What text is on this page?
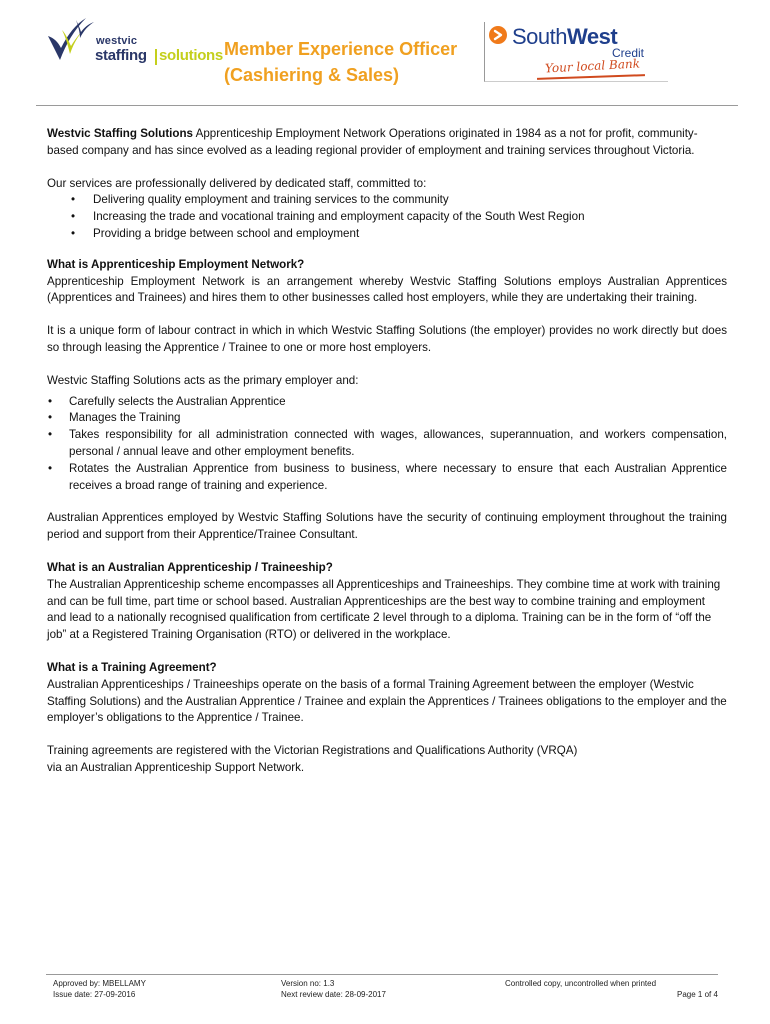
westvic
staffing solutions Member Experience Officer
(Cashiering & Sales)
SouthWest
Credit
Your local Bank

Westvic Staffing Solutions Apprenticeship Employment Network Operations originated in 1984 as a not for profit, community-based company and has since evolved as a leading regional provider of employment and training services throughout Victoria.

Our services are professionally delivered by dedicated staff, committed to:

• Delivering quality employment and training services to the community
• Increasing the trade and vocational training and employment capacity of the South West Region
• Providing a bridge between school and employment

What is Apprenticeship Employment Network?

Apprenticeship Employment Network is an arrangement whereby Westvic Staffing Solutions employs Australian Apprentices (Apprentices and Trainees) and hires them to other businesses called host employers, while they are undertaking their training.

It is a unique form of labour contract in which in which Westvic Staffing Solutions (the employer) provides no work directly but does so through leasing the Apprentice / Trainee to one or more host employers.

Westvic Staffing Solutions acts as the primary employer and:

• Carefully selects the Australian Apprentice
• Manages the Training
• Takes responsibility for all administration connected with wages, allowances, superannuation, and workers compensation, personal / annual leave and other employment benefits.
• Rotates the Australian Apprentice from business to business, where necessary to ensure that each Australian Apprentice receives a broad range of training and experience.

Australian Apprentices employed by Westvic Staffing Solutions have the security of continuing employment throughout the training period and support from their Apprentice/Trainee Consultant.

What is an Australian Apprenticeship / Traineeship?

The Australian Apprenticeship scheme encompasses all Apprenticeships and Traineeships. They combine time at work with training and can be full time, part time or school based. Australian Apprenticeships are the best way to combine training and employment and lead to a nationally recognised qualification from certificate 2 level through to a diploma. Training can be in the form of “off the job” at a Registered Training Organisation (RTO) or delivered in the workplace.

What is a Training Agreement?

Australian Apprenticeships / Traineeships operate on the basis of a formal Training Agreement between the employer (Westvic Staffing Solutions) and the Australian Apprentice / Trainee and explain the Apprentices / Trainees obligations to the employer and the employer’s obligations to the Apprentice / Trainee.

Training agreements are registered with the Victorian Registrations and Qualifications Authority (VRQA)

via an Australian Apprenticeship Support Network.

Approved by: MBELLAMY
Issue date: 27-09-2016
Version no: 1.3
Next review date: 28-09-2017
Controlled copy, uncontrolled when printed
Page 1 of 4
